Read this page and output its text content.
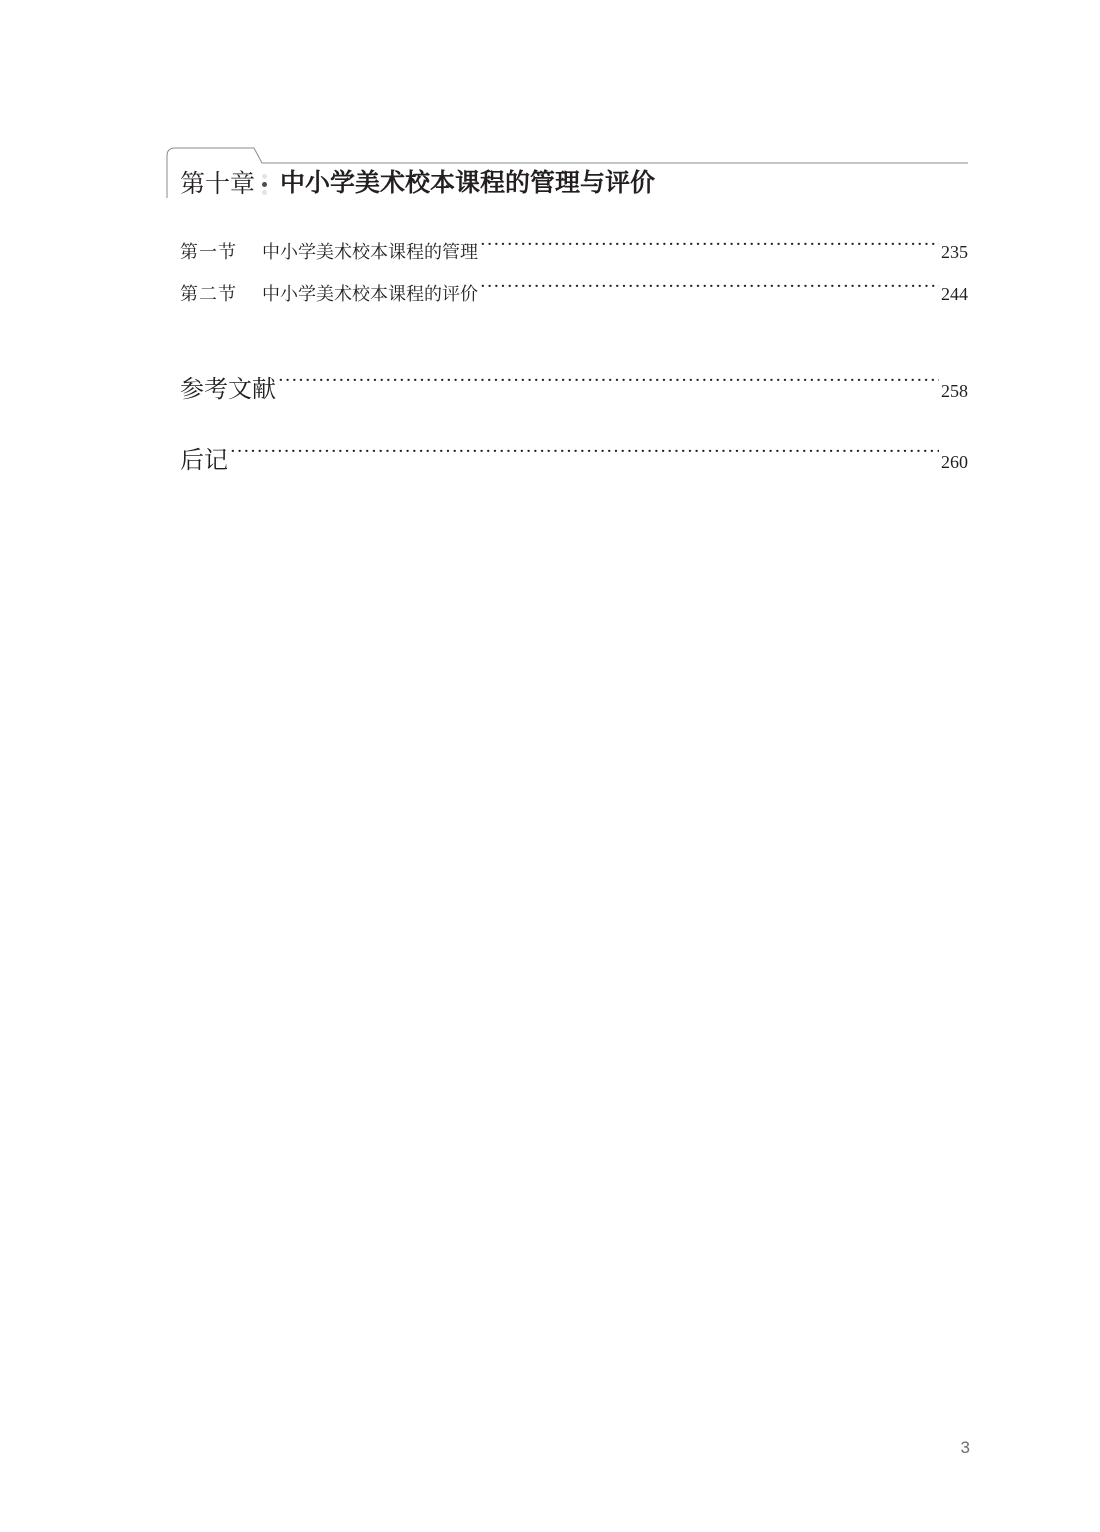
第十章 中小学美术校本课程的管理与评价
第一节	中小学美术校本课程的管理 ·····	235
第二节	中小学美术校本课程的评价 ·····	244
参考文献 ·····	258
后记 ·····	260
3
